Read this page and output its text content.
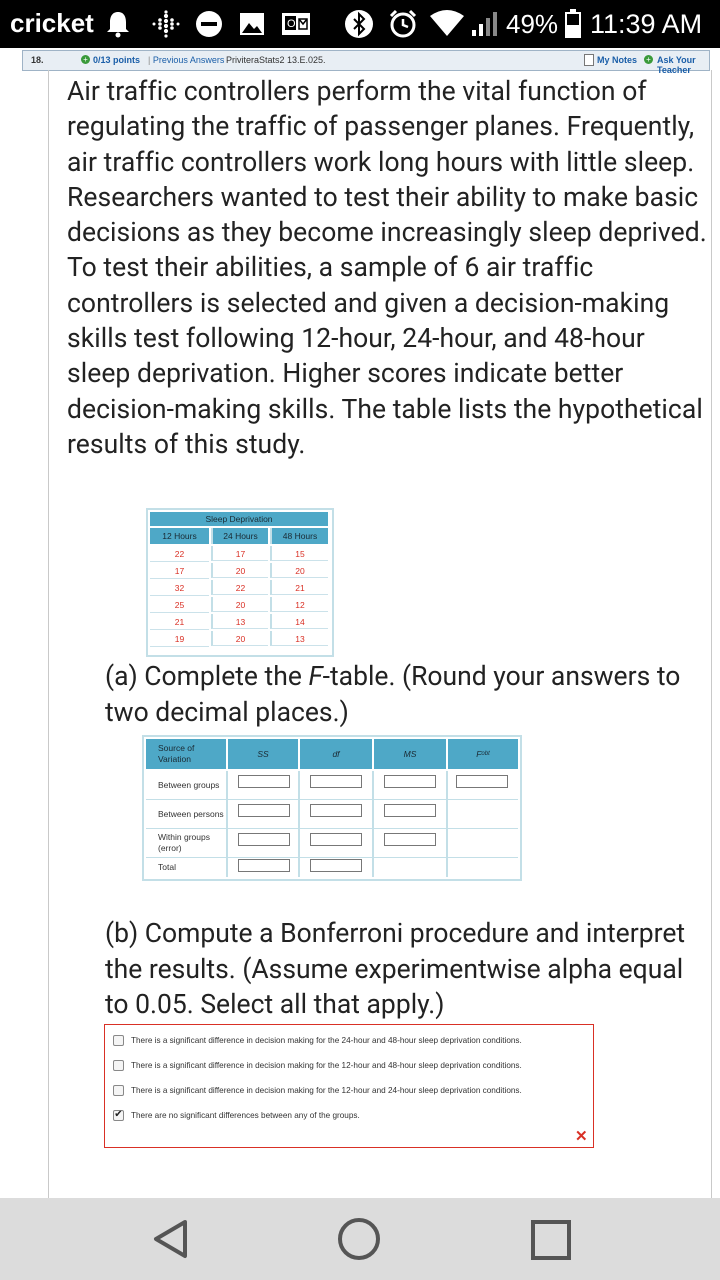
cricket	O	49% 11:39 AM
18.	+ 0/13 points | Previous Answers PriviteraStats2 13.E.025.	My Notes + Ask Your Teacher
Air traffic controllers perform the vital function of regulating the traffic of passenger planes. Frequently, air traffic controllers work long hours with little sleep. Researchers wanted to test their ability to make basic decisions as they become increasingly sleep deprived. To test their abilities, a sample of 6 air traffic controllers is selected and given a decision-making skills test following 12-hour, 24-hour, and 48-hour sleep deprivation. Higher scores indicate better decision-making skills. The table lists the hypothetical results of this study.
Sleep Deprivation
12 Hours	24 Hours	48 Hours
22	17	15
17	20	20
32	22	21
25	20	12
21	13	14
19	20	13
(a) Complete the F-table. (Round your answers to two decimal places.)
Source of Variation	SS	df	MS	F obt
Between groups
Between persons
Within groups (error)
Total
(b) Compute a Bonferroni procedure and interpret the results. (Assume experimentwise alpha equal to 0.05. Select all that apply.)
There is a significant difference in decision making for the 24-hour and 48-hour sleep deprivation conditions.
There is a significant difference in decision making for the 12-hour and 48-hour sleep deprivation conditions.
There is a significant difference in decision making for the 12-hour and 24-hour sleep deprivation conditions.
✔ There are no significant differences between any of the groups.
✕
